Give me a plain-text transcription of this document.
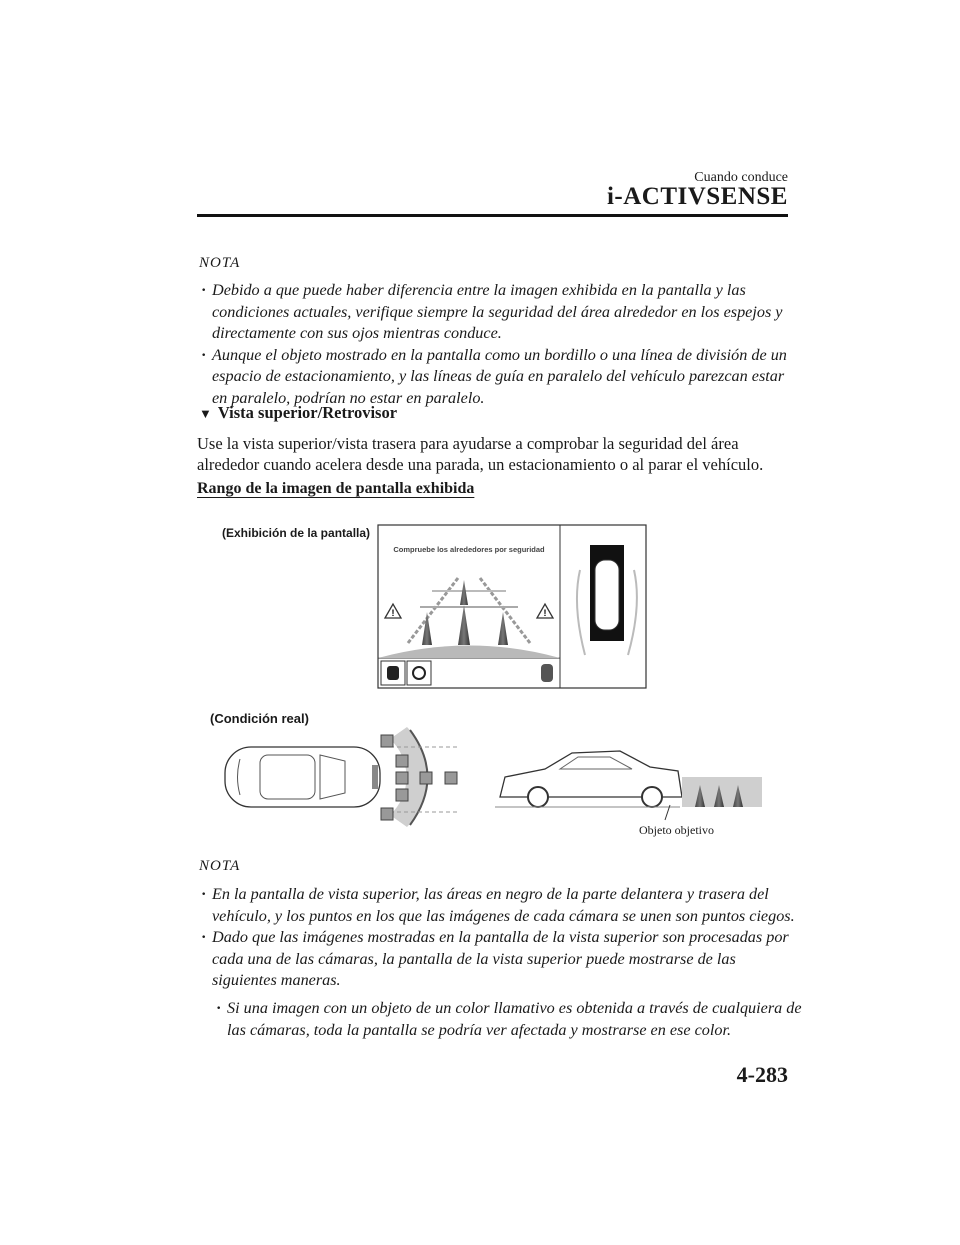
Cuando conduce
i-ACTIVSENSE
NOTA
· Debido a que puede haber diferencia entre la imagen exhibida en la pantalla y las condiciones actuales, verifique siempre la seguridad del área alrededor en los espejos y directamente con sus ojos mientras conduce.
· Aunque el objeto mostrado en la pantalla como un bordillo o una línea de división de un espacio de estacionamiento, y las líneas de guía en paralelo del vehículo parezcan estar en paralelo, podrían no estar en paralelo.
▼ Vista superior/Retrovisor
Use la vista superior/vista trasera para ayudarse a comprobar la seguridad del área alrededor cuando acelera desde una parada, un estacionamiento o al parar el vehículo.
Rango de la imagen de pantalla exhibida
(Exhibición de la pantalla)
!	!
Compruebe los alrededores por seguridad
(Condición real)
Objeto objetivo
NOTA
· En la pantalla de vista superior, las áreas en negro de la parte delantera y trasera del vehículo, y los puntos en los que las imágenes de cada cámara se unen son puntos ciegos.
· Dado que las imágenes mostradas en la pantalla de la vista superior son procesadas por cada una de las cámaras, la pantalla de la vista superior puede mostrarse de las siguientes maneras.
· Si una imagen con un objeto de un color llamativo es obtenida a través de cualquiera de las cámaras, toda la pantalla se podría ver afectada y mostrarse en ese color.
4-283
